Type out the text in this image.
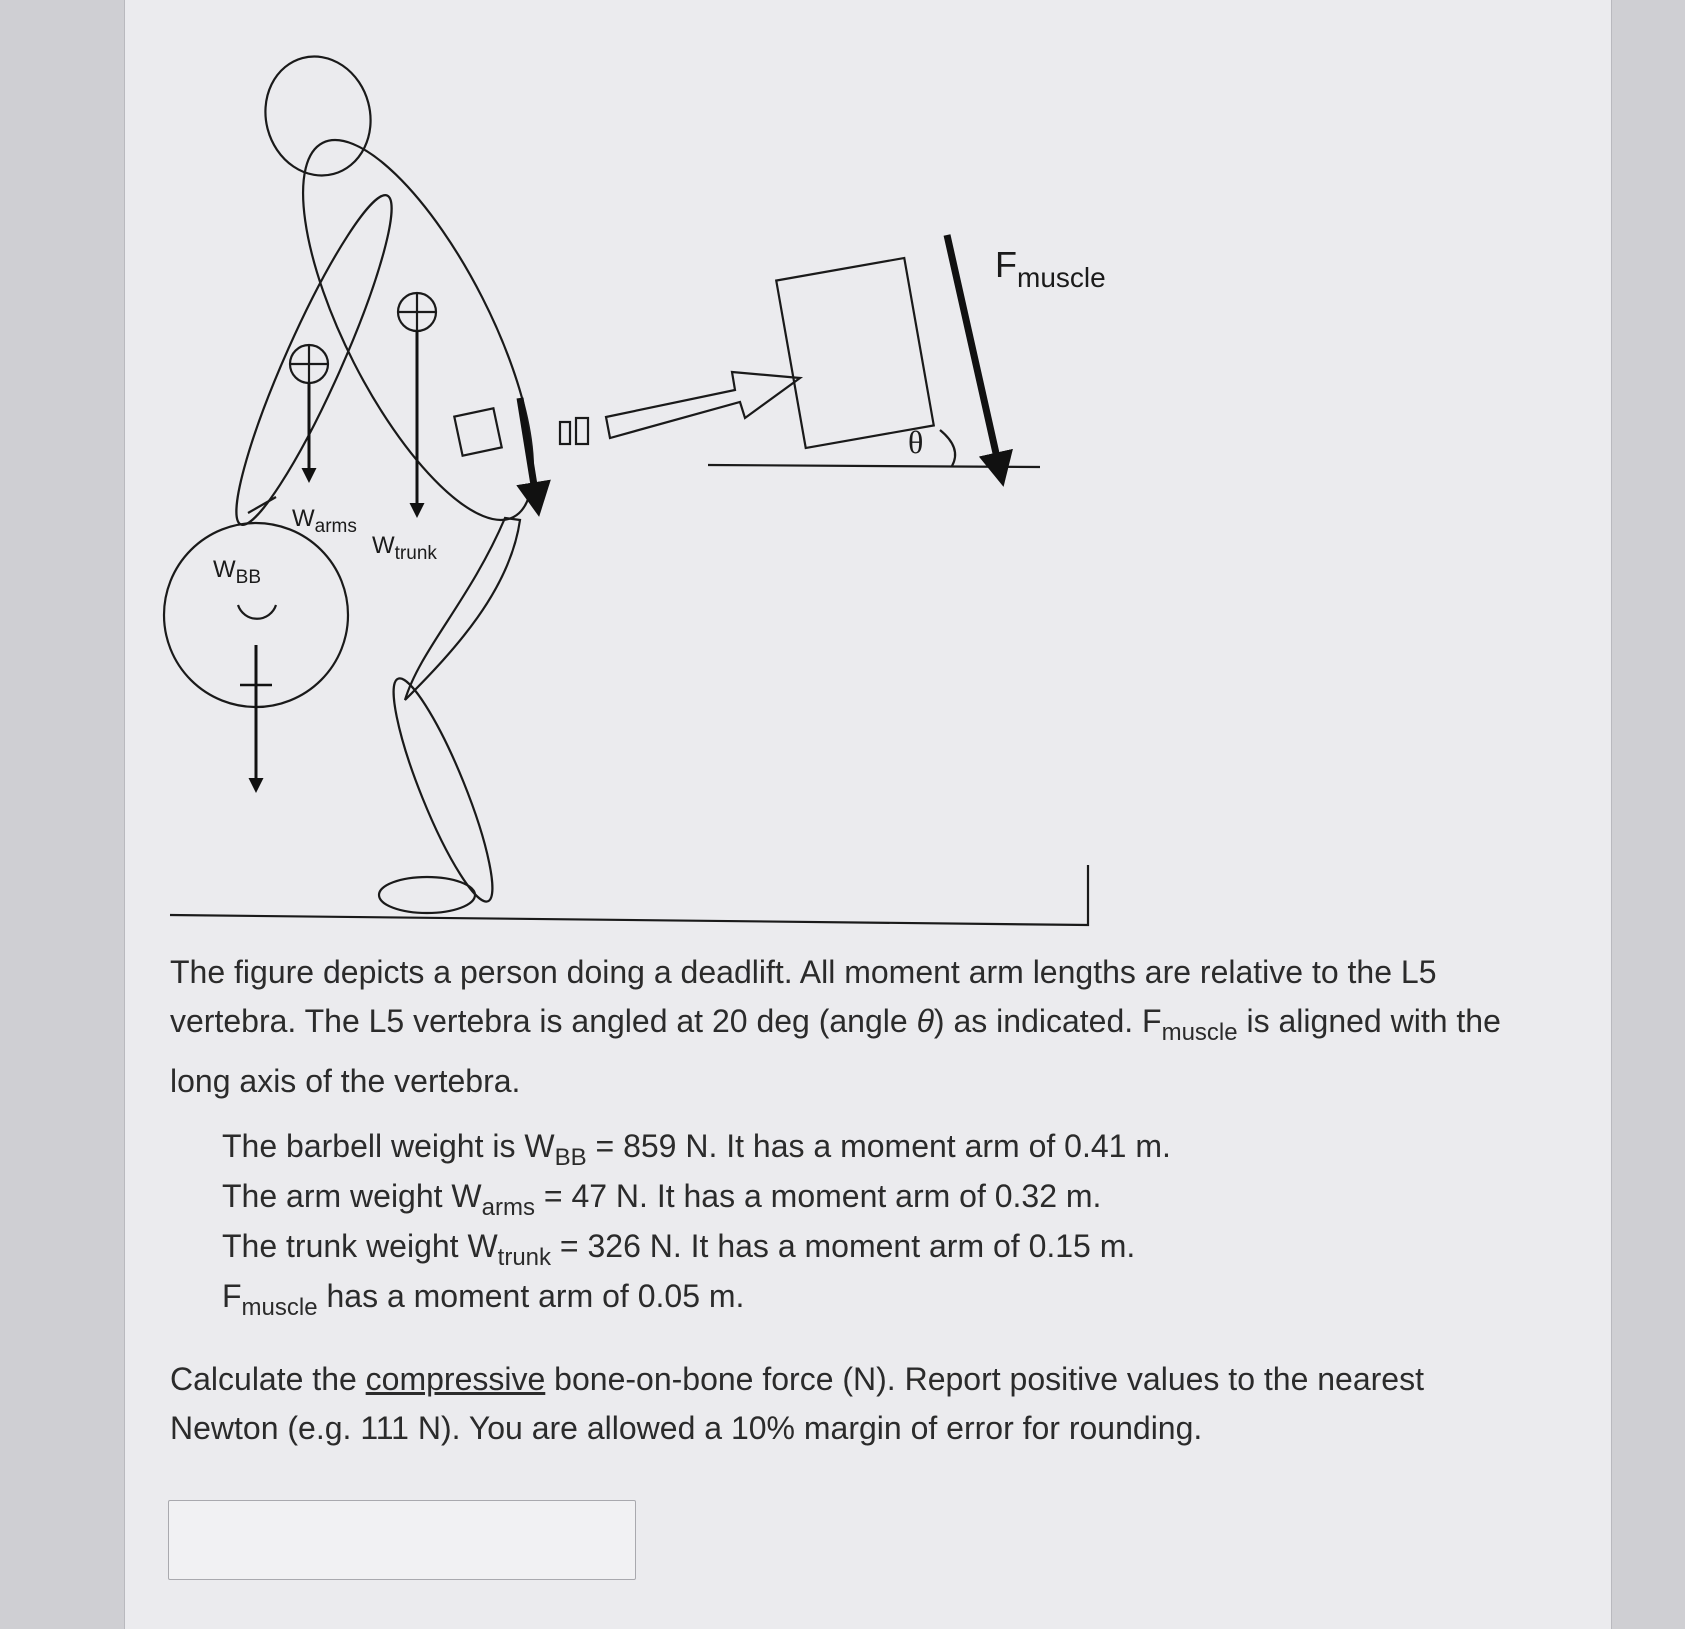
$W_{BB}$
$W_{arms}$
$W_{trunk}$
$F_{muscle}$
θ
The figure depicts a person doing a deadlift. All moment arm lengths are relative to the L5 vertebra. The L5 vertebra is angled at 20 deg (angle θ) as indicated. $F_{muscle}$ is aligned with the long axis of the vertebra.
The barbell weight is $W_{BB} = 859$ N. It has a moment arm of 0.41 m.
The arm weight $W_{arms} = 47$ N. It has a moment arm of 0.32 m.
The trunk weight $W_{trunk} = 326$ N. It has a moment arm of 0.15 m.
$F_{muscle}$ has a moment arm of 0.05 m.
Calculate the compressive bone-on-bone force (N). Report positive values to the nearest Newton (e.g. 111 N). You are allowed a 10% margin of error for rounding.
